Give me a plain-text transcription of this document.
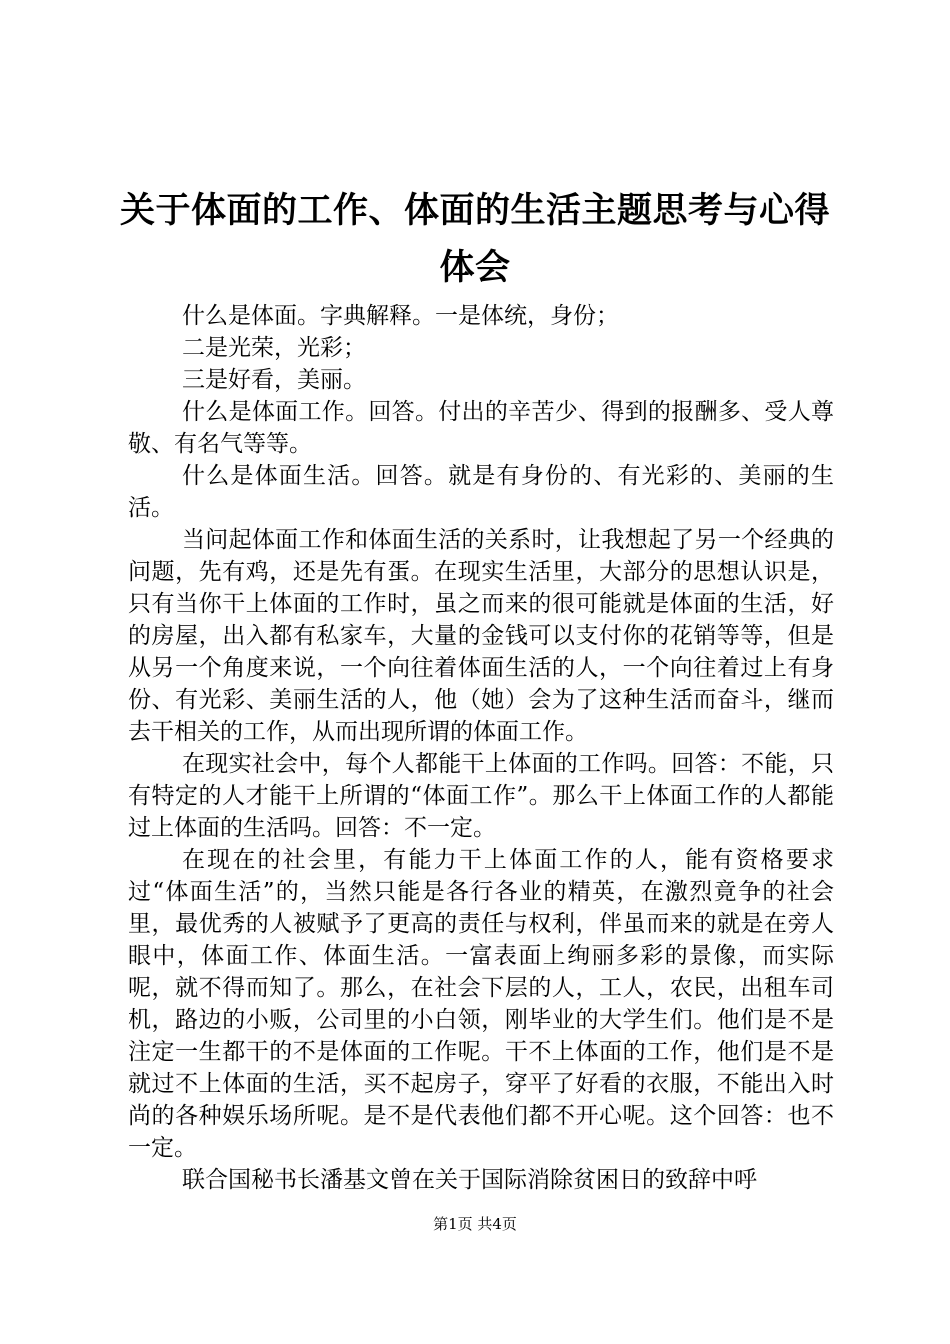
关于体面的工作、体面的生活主题思考与心得
体会

什么是体面。字典解释。一是体统，身份；

二是光荣，光彩；

三是好看，美丽。

什么是体面工作。回答。付出的辛苦少、得到的报酬多、受人尊敬、有名气等等。

什么是体面生活。回答。就是有身份的、有光彩的、美丽的生活。

当问起体面工作和体面生活的关系时，让我想起了另一个经典的问题，先有鸡，还是先有蛋。在现实生活里，大部分的思想认识是，只有当你干上体面的工作时，虽之而来的很可能就是体面的生活，好的房屋，出入都有私家车，大量的金钱可以支付你的花销等等，但是从另一个角度来说，一个向往着体面生活的人，一个向往着过上有身份、有光彩、美丽生活的人，他（她）会为了这种生活而奋斗，继而去干相关的工作，从而出现所谓的体面工作。

在现实社会中，每个人都能干上体面的工作吗。回答：不能，只有特定的人才能干上所谓的“体面工作”。那么干上体面工作的人都能过上体面的生活吗。回答：不一定。

在现在的社会里，有能力干上体面工作的人，能有资格要求过“体面生活”的，当然只能是各行各业的精英，在激烈竟争的社会里，最优秀的人被赋予了更高的责任与权利，伴虽而来的就是在旁人眼中，体面工作、体面生活。一富表面上绚丽多彩的景像，而实际呢，就不得而知了。那么，在社会下层的人，工人，农民，出租车司机，路边的小贩，公司里的小白领，刚毕业的大学生们。他们是不是注定一生都干的不是体面的工作呢。干不上体面的工作，他们是不是就过不上体面的生活，买不起房子，穿平了好看的衣服，不能出入时尚的各种娱乐场所呢。是不是代表他们都不开心呢。这个回答：也不一定。

联合国秘书长潘基文曾在关于国际消除贫困日的致辞中呼

第1页 共4页
